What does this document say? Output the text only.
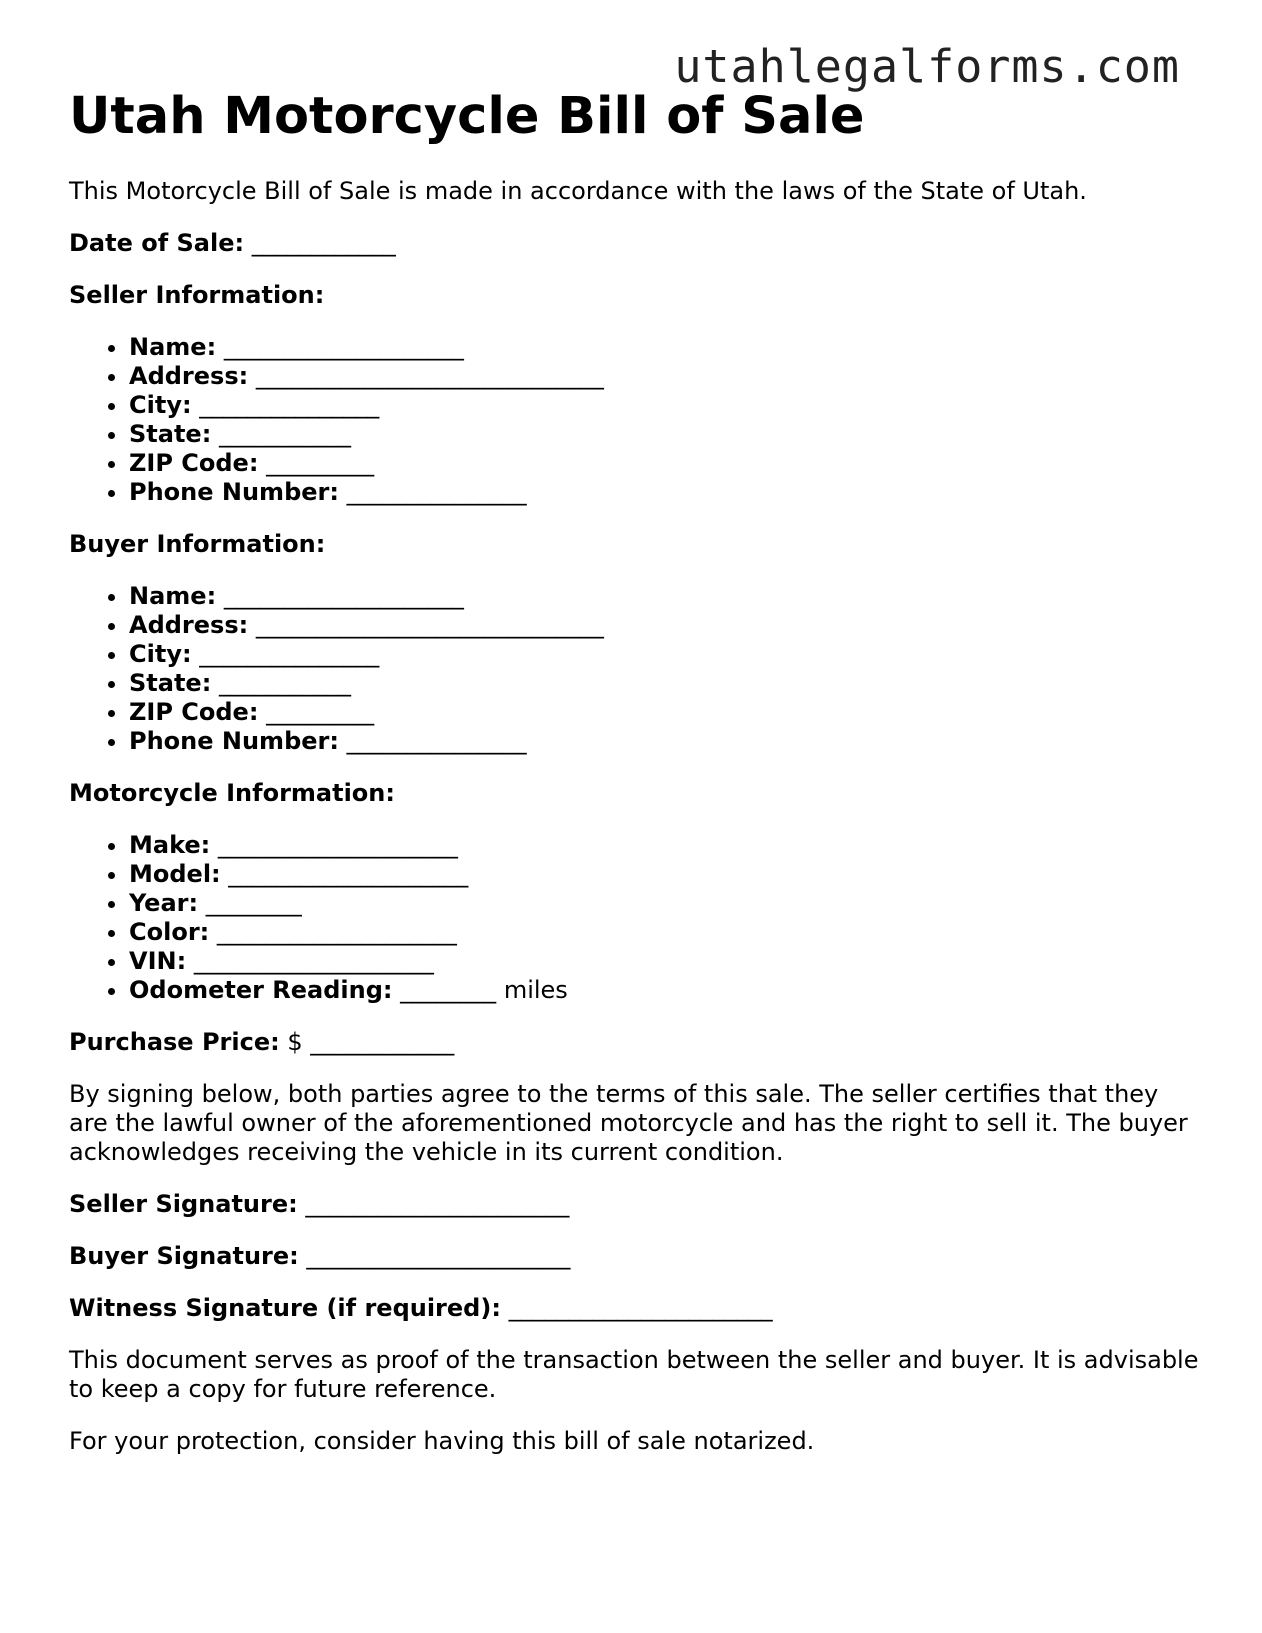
utahlegalforms.com
Utah Motorcycle Bill of Sale

This Motorcycle Bill of Sale is made in accordance with the laws of the State of Utah.

Date of Sale: ____________

Seller Information:

• Name: ____________________
• Address: _____________________________
• City: _______________
• State: ___________
• ZIP Code: _________
• Phone Number: _______________

Buyer Information:

• Name: ____________________
• Address: _____________________________
• City: _______________
• State: ___________
• ZIP Code: _________
• Phone Number: _______________

Motorcycle Information:

• Make: ____________________
• Model: ____________________
• Year: ________
• Color: ____________________
• VIN: ____________________
• Odometer Reading: ________ miles

Purchase Price: $ ____________

By signing below, both parties agree to the terms of this sale. The seller certifies that they are the lawful owner of the aforementioned motorcycle and has the right to sell it. The buyer acknowledges receiving the vehicle in its current condition.

Seller Signature: ______________________

Buyer Signature: ______________________

Witness Signature (if required): ______________________

This document serves as proof of the transaction between the seller and buyer. It is advisable to keep a copy for future reference.

For your protection, consider having this bill of sale notarized.
